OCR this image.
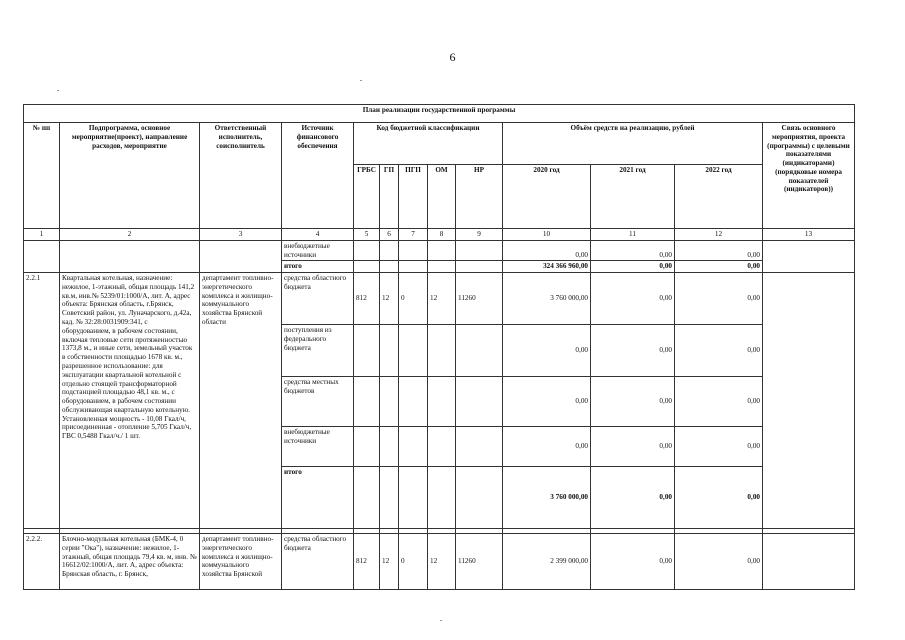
6
План реализации государственной программы												
№ пп	Подпрограмма, основное мероприятие(проект), направление расходов, мероприятие	Ответственный исполнитель, соисполнитель	Источник финансового обеспечения	Код бюджетной классификации					Объём средств на реализацию, рублей			Связь основного мероприятия, проекта (программы) с целевыми показателями (индикаторами) (порядковые номера показателей (индикаторов))
				ГРБС	ГП	ПГП	ОМ	НР	2020 год	2021 год	2022 год	
1	2	3	4	5	6	7	8	9	10	11	12	13
			внебюджетные источники						0,00	0,00	0,00	
			итого						324 366 960,00	0,00	0,00	
2.2.1	Квартальная котельная, назначение: нежилое, 1-этажный, общая площадь 141,2 кв.м, инв.№ 5239/01:1000/А, лит. А, адрес объекта: Брянская область, г.Брянск, Советский район, ул. Луначарского, д.42а, кад. № 32:28:0031909:341, с оборудованием, в рабочем состоянии, включая тепловые сети протяженностью 1373,8 м., и иные сети, земельный участок в собственности площадью 1678 кв. м., разрешенное использование: для эксплуатации квартальной котельной с отдельно стоящей трансформаторной подстанцией площадью 48,1 кв. м., с оборудованием, в рабочем состоянии обслуживающая квартальную котельную. Установленная мощность - 10,08 Гкал/ч, присоединенная - отопление 5,705 Гкал/ч, ГВС 0,5488 Гкал/ч./ 1 шт.	департамент топливно-энергетического комплекса и жилищно-коммунального хозяйства Брянской области	средства областного бюджета	812	12	0	12	11260	3 760 000,00	0,00	0,00	
			поступления из федерального бюджета						0,00	0,00	0,00	
			средства местных бюджетов						0,00	0,00	0,00	
			внебюджетные источники						0,00	0,00	0,00	
			итого						3 760 000,00	0,00	0,00	

2.2.2.	Блочно-модульная котельная (БМК-4, 0 серии "Ока"), назначение: нежилое, 1-этажный, общая площадь 79,4 кв. м, инв. № 16612/02:1000/А, лит. А, адрес объекта: Брянская область, г. Брянск,	департамент топливно-энергетического комплекса и жилищно-коммунального хозяйства Брянской	средства областного бюджета	812	12	0	12	11260	2 399 000,00	0,00	0,00	
